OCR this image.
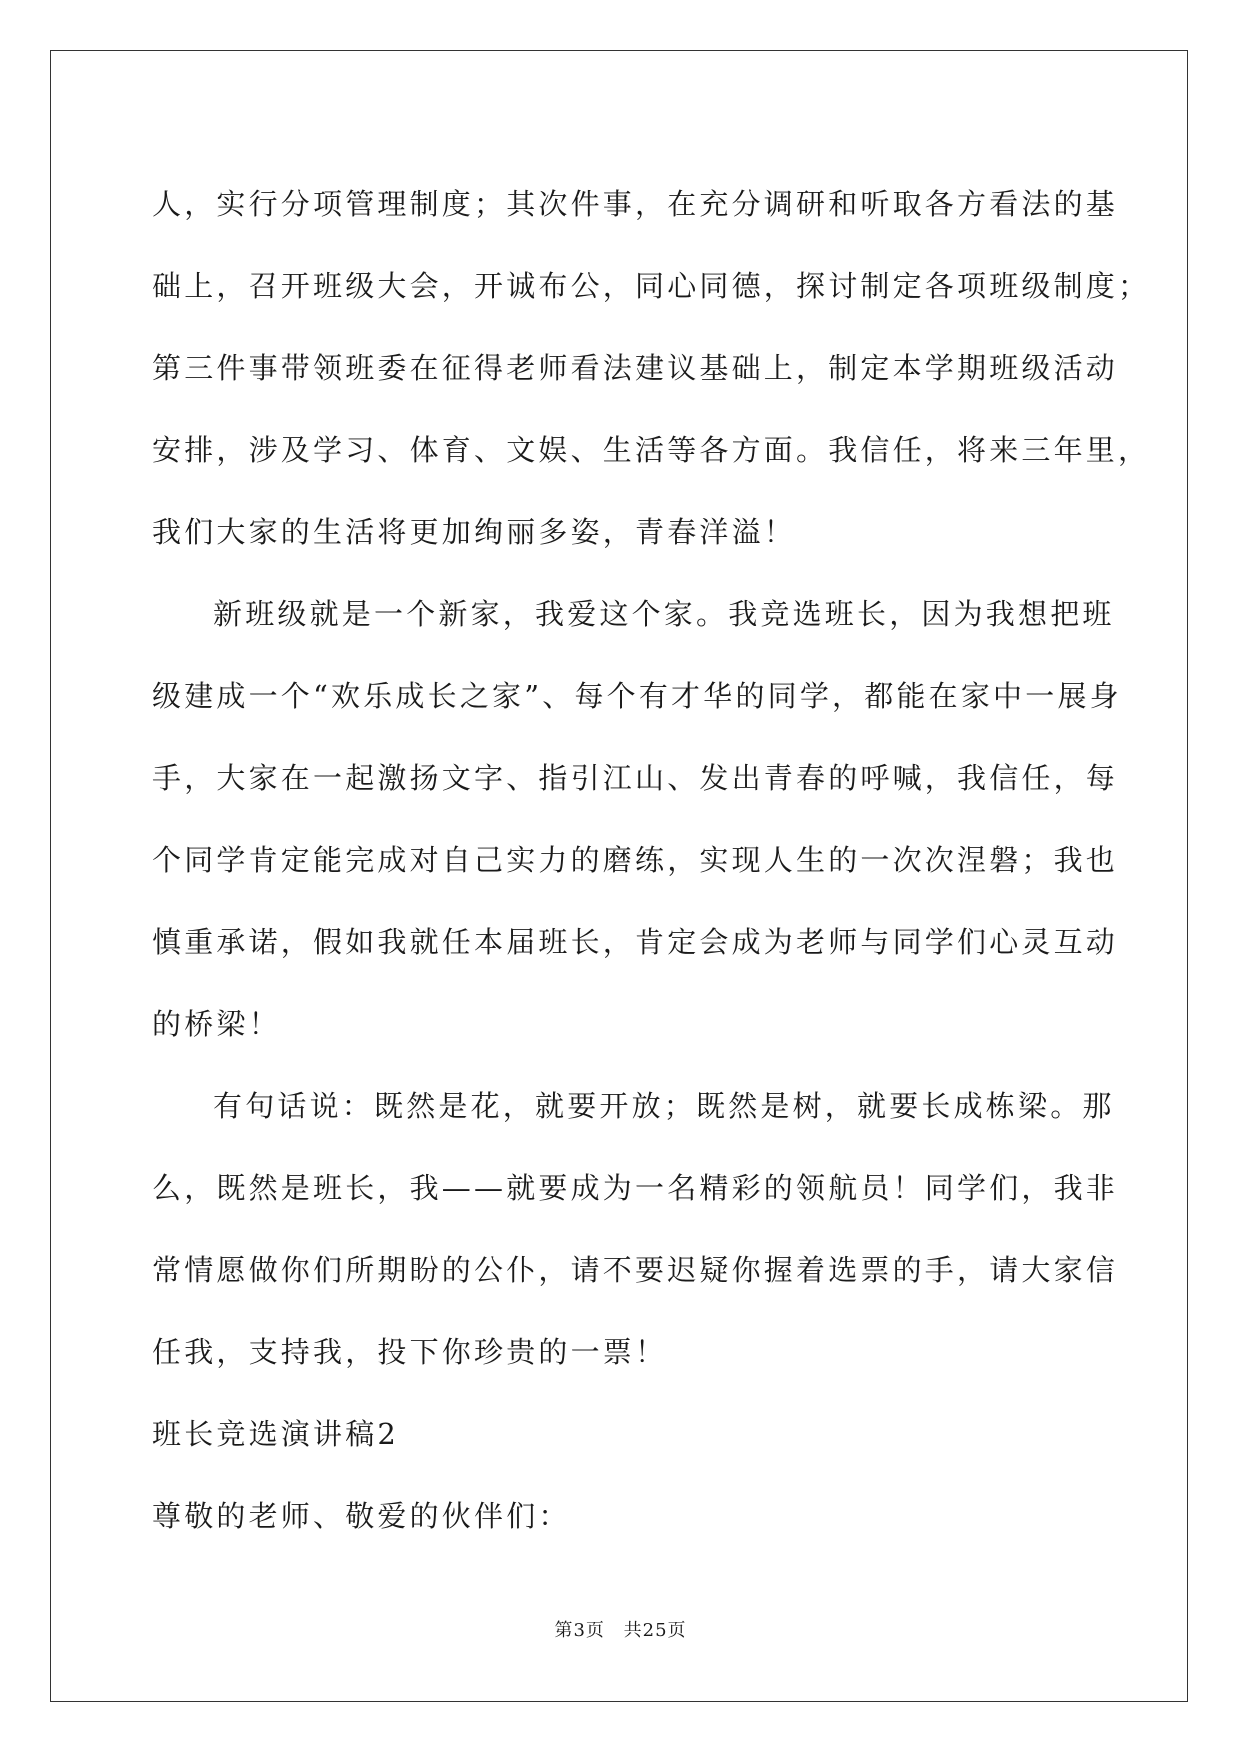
人，实行分项管理制度；其次件事，在充分调研和听取各方看法的基
础上，召开班级大会，开诚布公，同心同德，探讨制定各项班级制度；
第三件事带领班委在征得老师看法建议基础上，制定本学期班级活动
安排，涉及学习、体育、文娱、生活等各方面。我信任，将来三年里，
我们大家的生活将更加绚丽多姿，青春洋溢！
新班级就是一个新家，我爱这个家。我竞选班长，因为我想把班
级建成一个“欢乐成长之家”、每个有才华的同学，都能在家中一展身
手，大家在一起激扬文字、指引江山、发出青春的呼喊，我信任，每
个同学肯定能完成对自己实力的磨练，实现人生的一次次涅磐；我也
慎重承诺，假如我就任本届班长，肯定会成为老师与同学们心灵互动
的桥梁！
有句话说：既然是花，就要开放；既然是树，就要长成栋梁。那
么，既然是班长，我——就要成为一名精彩的领航员！同学们，我非
常情愿做你们所期盼的公仆，请不要迟疑你握着选票的手，请大家信
任我，支持我，投下你珍贵的一票！
班长竞选演讲稿2
尊敬的老师、敬爱的伙伴们：
第3页 共25页
